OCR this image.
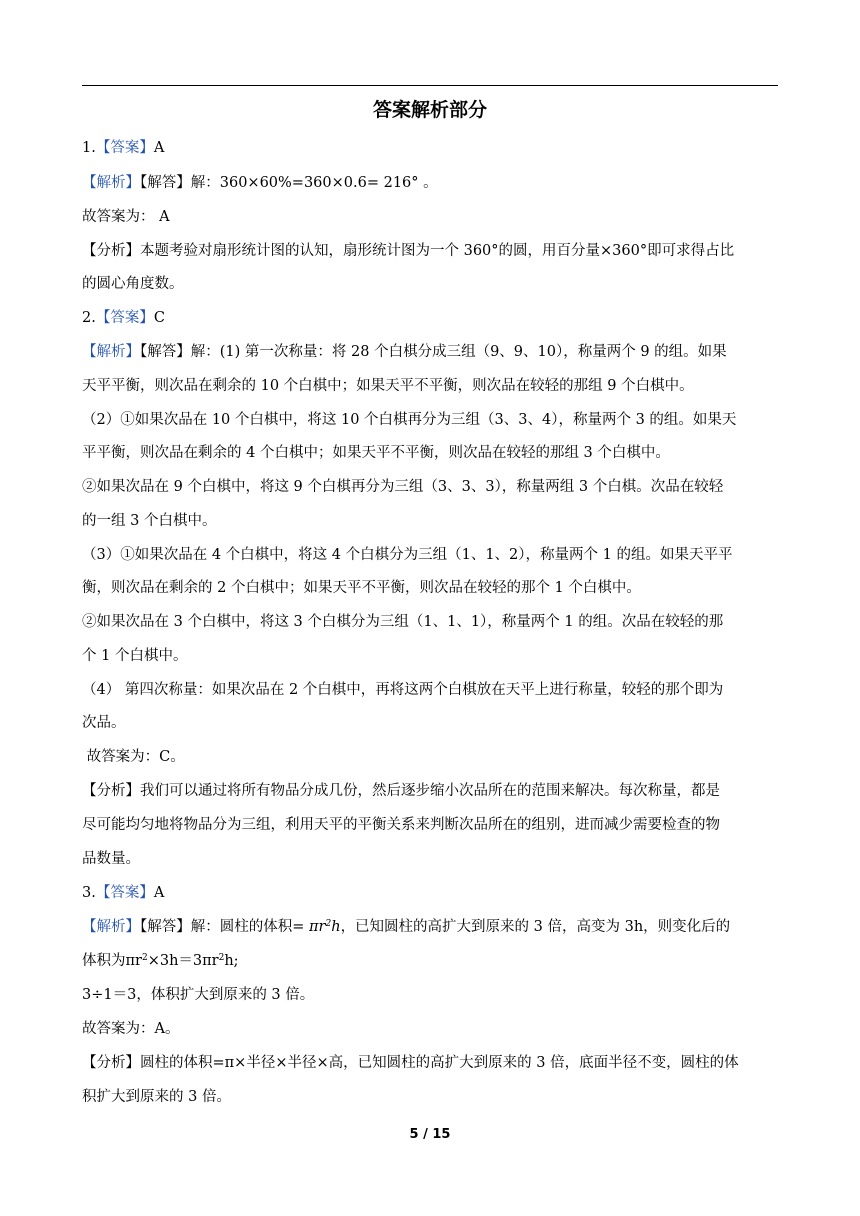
答案解析部分
1.【答案】A
【解析】【解答】解：360×60%=360×0.6= 216° 。
故答案为： A
【分析】本题考验对扇形统计图的认知，扇形统计图为一个 360°的圆，用百分量×360°即可求得占比
的圆心角度数。
2.【答案】C
【解析】【解答】解：(1) 第一次称量：将 28 个白棋分成三组（9、9、10），称量两个 9 的组。如果
天平平衡，则次品在剩余的 10 个白棋中；如果天平不平衡，则次品在较轻的那组 9 个白棋中。
（2）①如果次品在 10 个白棋中，将这 10 个白棋再分为三组（3、3、4），称量两个 3 的组。如果天
平平衡，则次品在剩余的 4 个白棋中；如果天平不平衡，则次品在较轻的那组 3 个白棋中。
②如果次品在 9 个白棋中，将这 9 个白棋再分为三组（3、3、3），称量两组 3 个白棋。次品在较轻
的一组 3 个白棋中。
（3）①如果次品在 4 个白棋中，将这 4 个白棋分为三组（1、1、2），称量两个 1 的组。如果天平平
衡，则次品在剩余的 2 个白棋中；如果天平不平衡，则次品在较轻的那个 1 个白棋中。
②如果次品在 3 个白棋中，将这 3 个白棋分为三组（1、1、1），称量两个 1 的组。次品在较轻的那
个 1 个白棋中。
（4） 第四次称量：如果次品在 2 个白棋中，再将这两个白棋放在天平上进行称量，较轻的那个即为
次品。
故答案为：C。
【分析】我们可以通过将所有物品分成几份，然后逐步缩小次品所在的范围来解决。每次称量，都是
尽可能均匀地将物品分为三组，利用天平的平衡关系来判断次品所在的组别，进而减少需要检查的物
品数量。
3.【答案】A
【解析】【解答】解：圆柱的体积= $\pi r^2h$，已知圆柱的高扩大到原来的 3 倍，高变为 3h，则变化后的
体积为$\pi r^2\times 3h=3\pi r^2h$;
3÷1＝3，体积扩大到原来的 3 倍。
故答案为：A。
【分析】圆柱的体积=π×半径×半径×高，已知圆柱的高扩大到原来的 3 倍，底面半径不变，圆柱的体
积扩大到原来的 3 倍。
5 / 15
